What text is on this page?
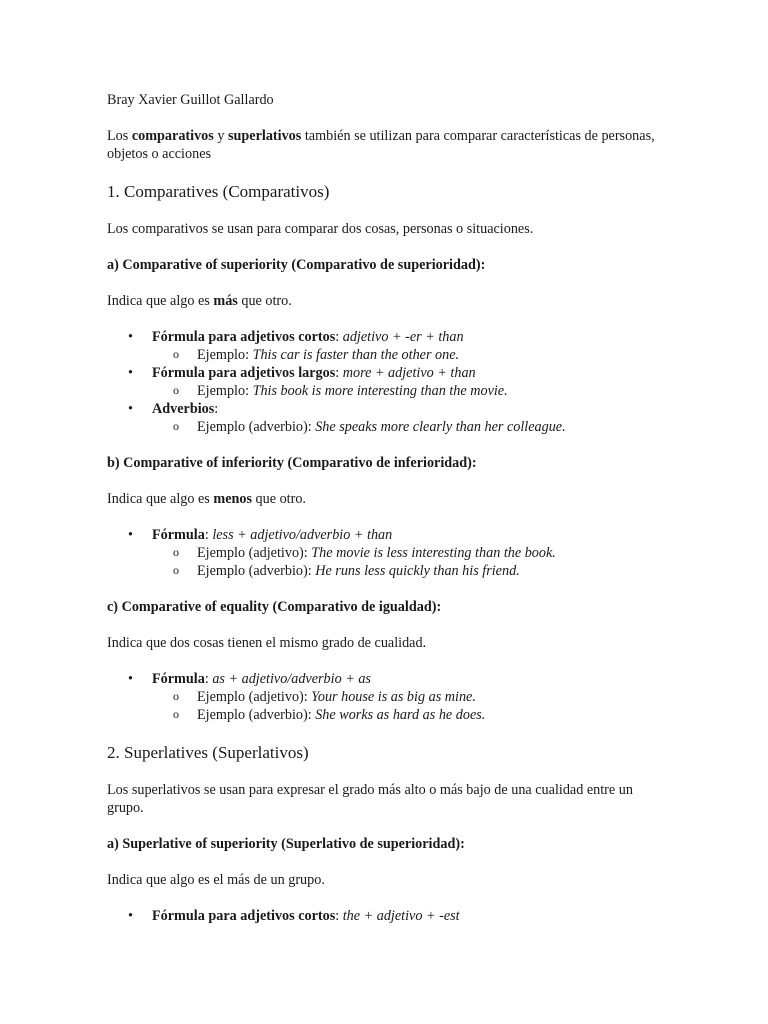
Bray Xavier Guillot Gallardo

Los comparativos y superlativos también se utilizan para comparar características de personas, objetos o acciones

1. Comparatives (Comparativos)

Los comparativos se usan para comparar dos cosas, personas o situaciones.

a) Comparative of superiority (Comparativo de superioridad):

Indica que algo es más que otro.

• Fórmula para adjetivos cortos: adjetivo + -er + than
o Ejemplo: This car is faster than the other one.
• Fórmula para adjetivos largos: more + adjetivo + than
o Ejemplo: This book is more interesting than the movie.
• Adverbios:
o Ejemplo (adverbio): She speaks more clearly than her colleague.
b) Comparative of inferiority (Comparativo de inferioridad):

Indica que algo es menos que otro.

• Fórmula: less + adjetivo/adverbio + than
o Ejemplo (adjetivo): The movie is less interesting than the book.
o Ejemplo (adverbio): He runs less quickly than his friend.
c) Comparative of equality (Comparativo de igualdad):

Indica que dos cosas tienen el mismo grado de cualidad.

• Fórmula: as + adjetivo/adverbio + as
o Ejemplo (adjetivo): Your house is as big as mine.
o Ejemplo (adverbio): She works as hard as he does.
2. Superlatives (Superlativos)

Los superlativos se usan para expresar el grado más alto o más bajo de una cualidad entre un grupo.

a) Superlative of superiority (Superlativo de superioridad):

Indica que algo es el más de un grupo.

• Fórmula para adjetivos cortos: the + adjetivo + -est
